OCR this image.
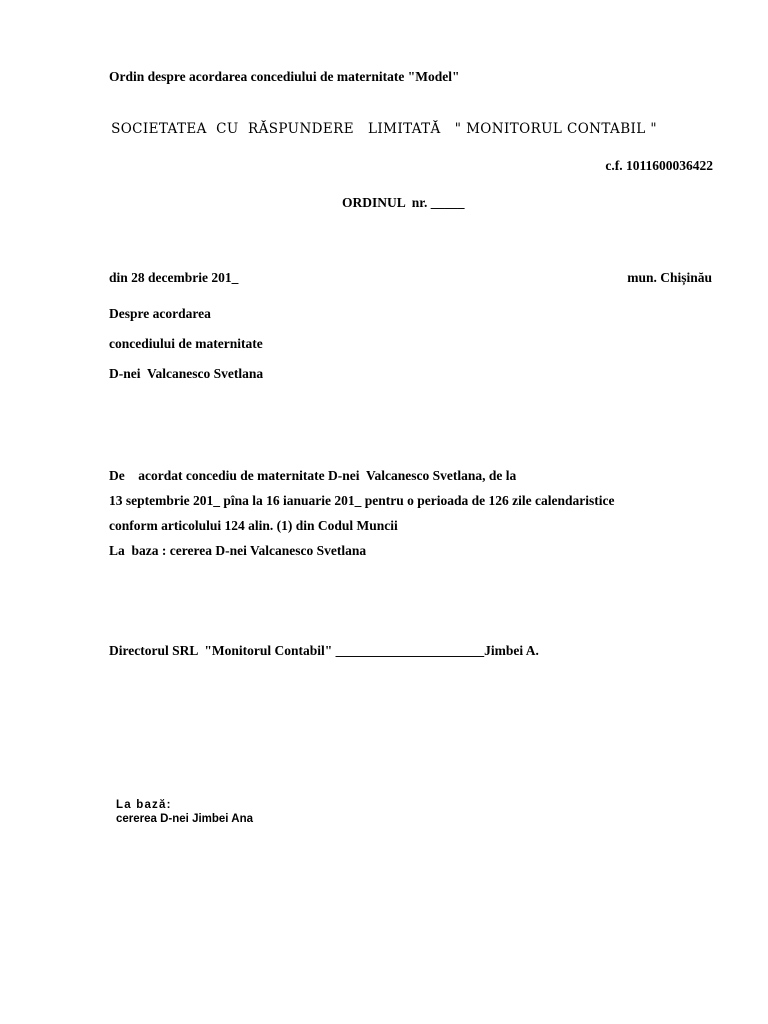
Ordin despre acordarea concediului de maternitate "Model"
SOCIETATEA  CU  RĂSPUNDERE   LIMITATĂ   " MONITORUL CONTABIL "
c.f. 1011600036422
ORDINUL  nr. _____
din 28 decembrie 201_	mun. Chișinău
Despre acordarea
concediului de maternitate
D-nei  Valcanesco Svetlana
De    acordat concediu de maternitate D-nei  Valcanesco Svetlana, de la
13 septembrie 201_ pîna la 16 ianuarie 201_ pentru o perioada de 126 zile calendaristice
conform articolului 124 alin. (1) din Codul Muncii
La  baza : cererea D-nei Valcanesco Svetlana
Directorul SRL  "Monitorul Contabil" ______________________Jimbei A.
La bază:
cererea D-nei Jimbei Ana
